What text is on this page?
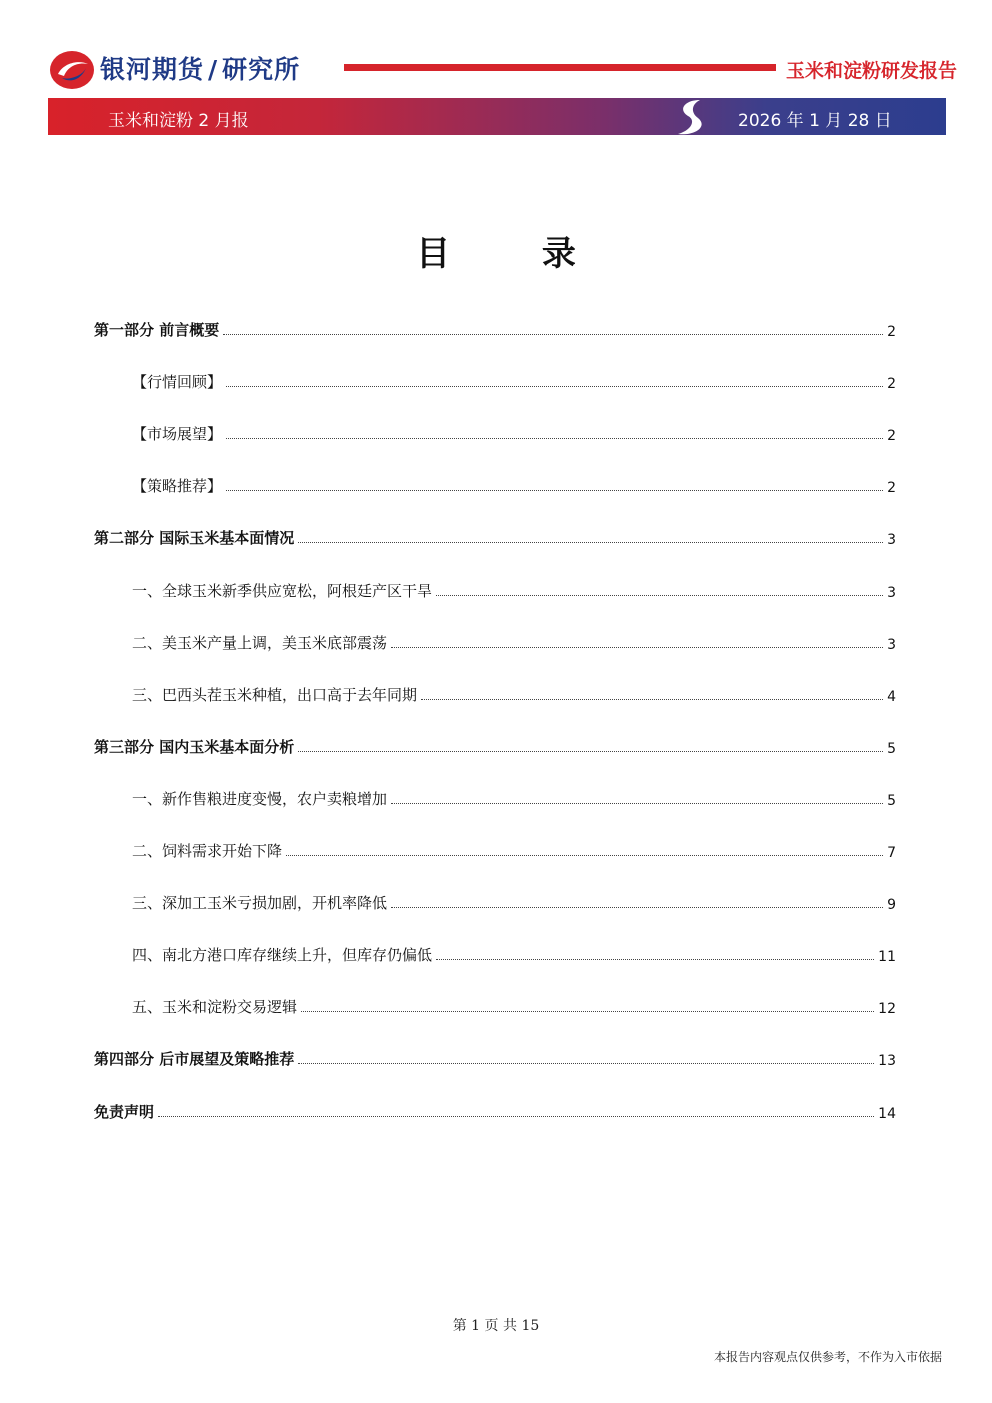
银河期货 / 研究所	玉米和淀粉研发报告
玉米和淀粉 2 月报	2026 年 1 月 28 日
目 录
第一部分 前言概要	2
【行情回顾】	2
【市场展望】	2
【策略推荐】	2
第二部分 国际玉米基本面情况	3
一、全球玉米新季供应宽松，阿根廷产区干旱	3
二、美玉米产量上调，美玉米底部震荡	3
三、巴西头茬玉米种植，出口高于去年同期	4
第三部分 国内玉米基本面分析	5
一、新作售粮进度变慢，农户卖粮增加	5
二、饲料需求开始下降	7
三、深加工玉米亏损加剧，开机率降低	9
四、南北方港口库存继续上升，但库存仍偏低	11
五、玉米和淀粉交易逻辑	12
第四部分 后市展望及策略推荐	13
免责声明	14
第 1 页 共 15
本报告内容观点仅供参考，不作为入市依据
